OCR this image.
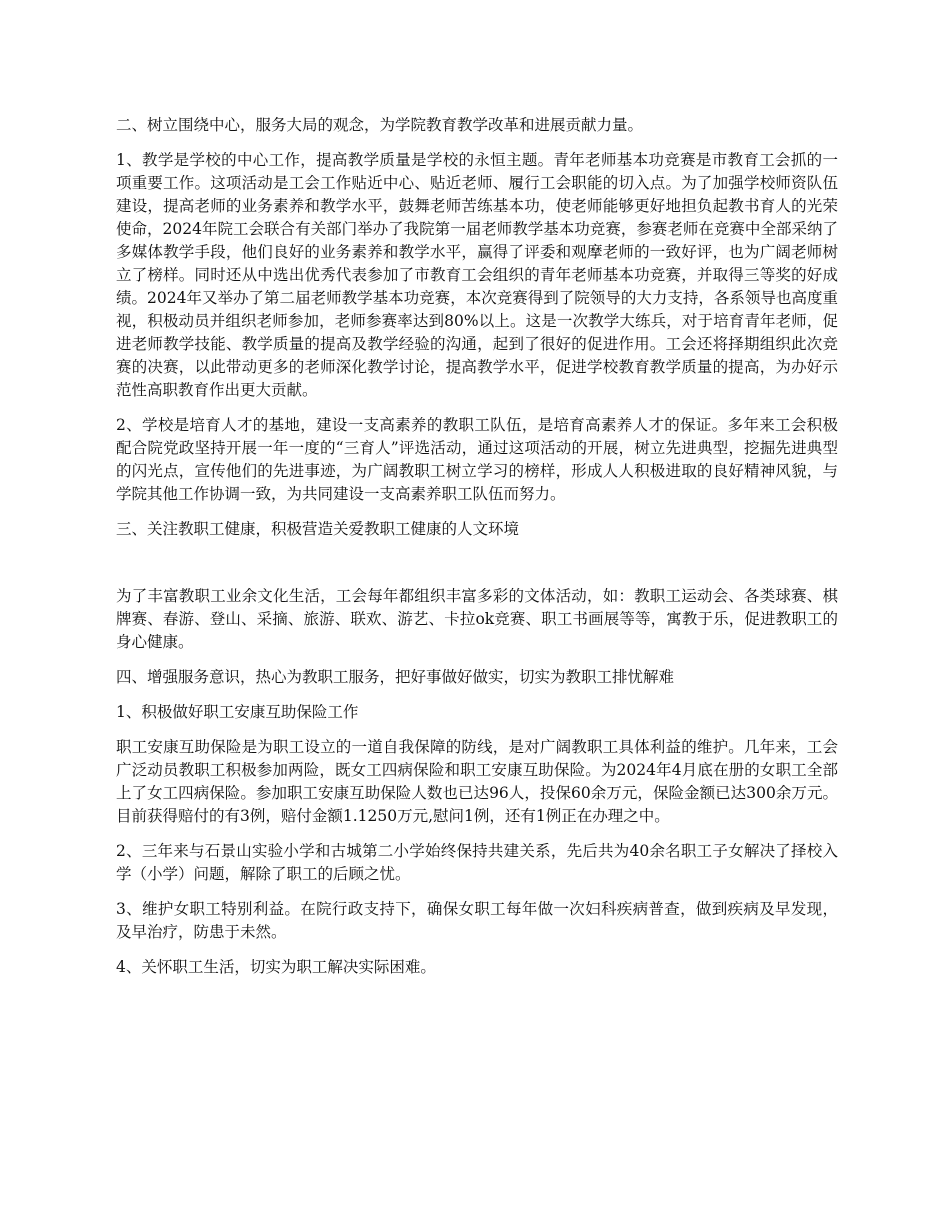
二、树立围绕中心，服务大局的观念，为学院教育教学改革和进展贡献力量。

1、教学是学校的中心工作，提高教学质量是学校的永恒主题。青年老师基本功竞赛是市教育工会抓的一项重要工作。这项活动是工会工作贴近中心、贴近老师、履行工会职能的切入点。为了加强学校师资队伍建设，提高老师的业务素养和教学水平，鼓舞老师苦练基本功，使老师能够更好地担负起教书育人的光荣使命，2024年院工会联合有关部门举办了我院第一届老师教学基本功竞赛，参赛老师在竞赛中全部采纳了多媒体教学手段，他们良好的业务素养和教学水平，赢得了评委和观摩老师的一致好评，也为广阔老师树立了榜样。同时还从中选出优秀代表参加了市教育工会组织的青年老师基本功竞赛，并取得三等奖的好成绩。2024年又举办了第二届老师教学基本功竞赛，本次竞赛得到了院领导的大力支持，各系领导也高度重视，积极动员并组织老师参加，老师参赛率达到80%以上。这是一次教学大练兵，对于培育青年老师，促进老师教学技能、教学质量的提高及教学经验的沟通，起到了很好的促进作用。工会还将择期组织此次竞赛的决赛，以此带动更多的老师深化教学讨论，提高教学水平，促进学校教育教学质量的提高，为办好示范性高职教育作出更大贡献。

2、学校是培育人才的基地，建设一支高素养的教职工队伍，是培育高素养人才的保证。多年来工会积极配合院党政坚持开展一年一度的“三育人”评选活动，通过这项活动的开展，树立先进典型，挖掘先进典型的闪光点，宣传他们的先进事迹，为广阔教职工树立学习的榜样，形成人人积极进取的良好精神风貌，与学院其他工作协调一致，为共同建设一支高素养职工队伍而努力。

三、关注教职工健康，积极营造关爱教职工健康的人文环境

为了丰富教职工业余文化生活，工会每年都组织丰富多彩的文体活动，如：教职工运动会、各类球赛、棋牌赛、春游、登山、采摘、旅游、联欢、游艺、卡拉ok竞赛、职工书画展等等，寓教于乐，促进教职工的身心健康。

四、增强服务意识，热心为教职工服务，把好事做好做实，切实为教职工排忧解难

1、积极做好职工安康互助保险工作

职工安康互助保险是为职工设立的一道自我保障的防线，是对广阔教职工具体利益的维护。几年来，工会广泛动员教职工积极参加两险，既女工四病保险和职工安康互助保险。为2024年4月底在册的女职工全部上了女工四病保险。参加职工安康互助保险人数也已达96人，投保60余万元，保险金额已达300余万元。目前获得赔付的有3例，赔付金额1.1250万元,慰问1例，还有1例正在办理之中。

2、三年来与石景山实验小学和古城第二小学始终保持共建关系，先后共为40余名职工子女解决了择校入学（小学）问题，解除了职工的后顾之忧。

3、维护女职工特别利益。在院行政支持下，确保女职工每年做一次妇科疾病普查，做到疾病及早发现，及早治疗，防患于未然。

4、关怀职工生活，切实为职工解决实际困难。
